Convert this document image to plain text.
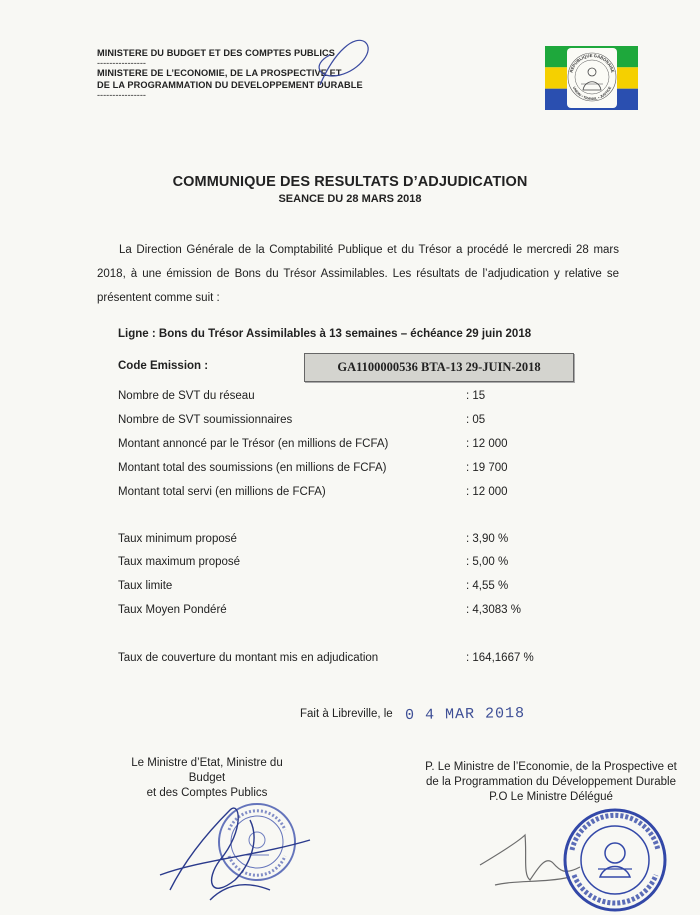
MINISTERE DU BUDGET ET DES COMPTES PUBLICS
----------------
MINISTERE DE L’ECONOMIE, DE LA PROSPECTIVE ET
DE LA PROGRAMMATION DU DEVELOPPEMENT DURABLE
----------------
REPUBLIQUE GABONAISE
UNION • TRAVAIL • JUSTICE
COMMUNIQUE DES RESULTATS D’ADJUDICATION
SEANCE DU 28 MARS 2018
La Direction Générale de la Comptabilité Publique et du Trésor a procédé le mercredi 28 mars 2018, à une émission de Bons du Trésor Assimilables. Les résultats de l’adjudication y relative se présentent comme suit :
Ligne : Bons du Trésor Assimilables à 13 semaines – échéance 29 juin 2018
Code Emission :	GA1100000536 BTA-13 29-JUIN-2018
Nombre de SVT du réseau	: 15
Nombre de SVT soumissionnaires	: 05
Montant annoncé par le Trésor (en millions de FCFA)	: 12 000
Montant total des soumissions (en millions de FCFA)	: 19 700
Montant total servi (en millions de FCFA)	: 12 000
Taux minimum proposé	: 3,90 %
Taux maximum proposé	: 5,00 %
Taux limite	: 4,55 %
Taux Moyen Pondéré	: 4,3083 %
Taux de couverture du montant mis en adjudication	: 164,1667 %
Fait à Libreville, le 0 4 MAR 2018
Le Ministre d’Etat, Ministre du Budget
et des Comptes Publics
P. Le Ministre de l’Economie, de la Prospective et
de la Programmation du Développement Durable
P.O Le Ministre Délégué
